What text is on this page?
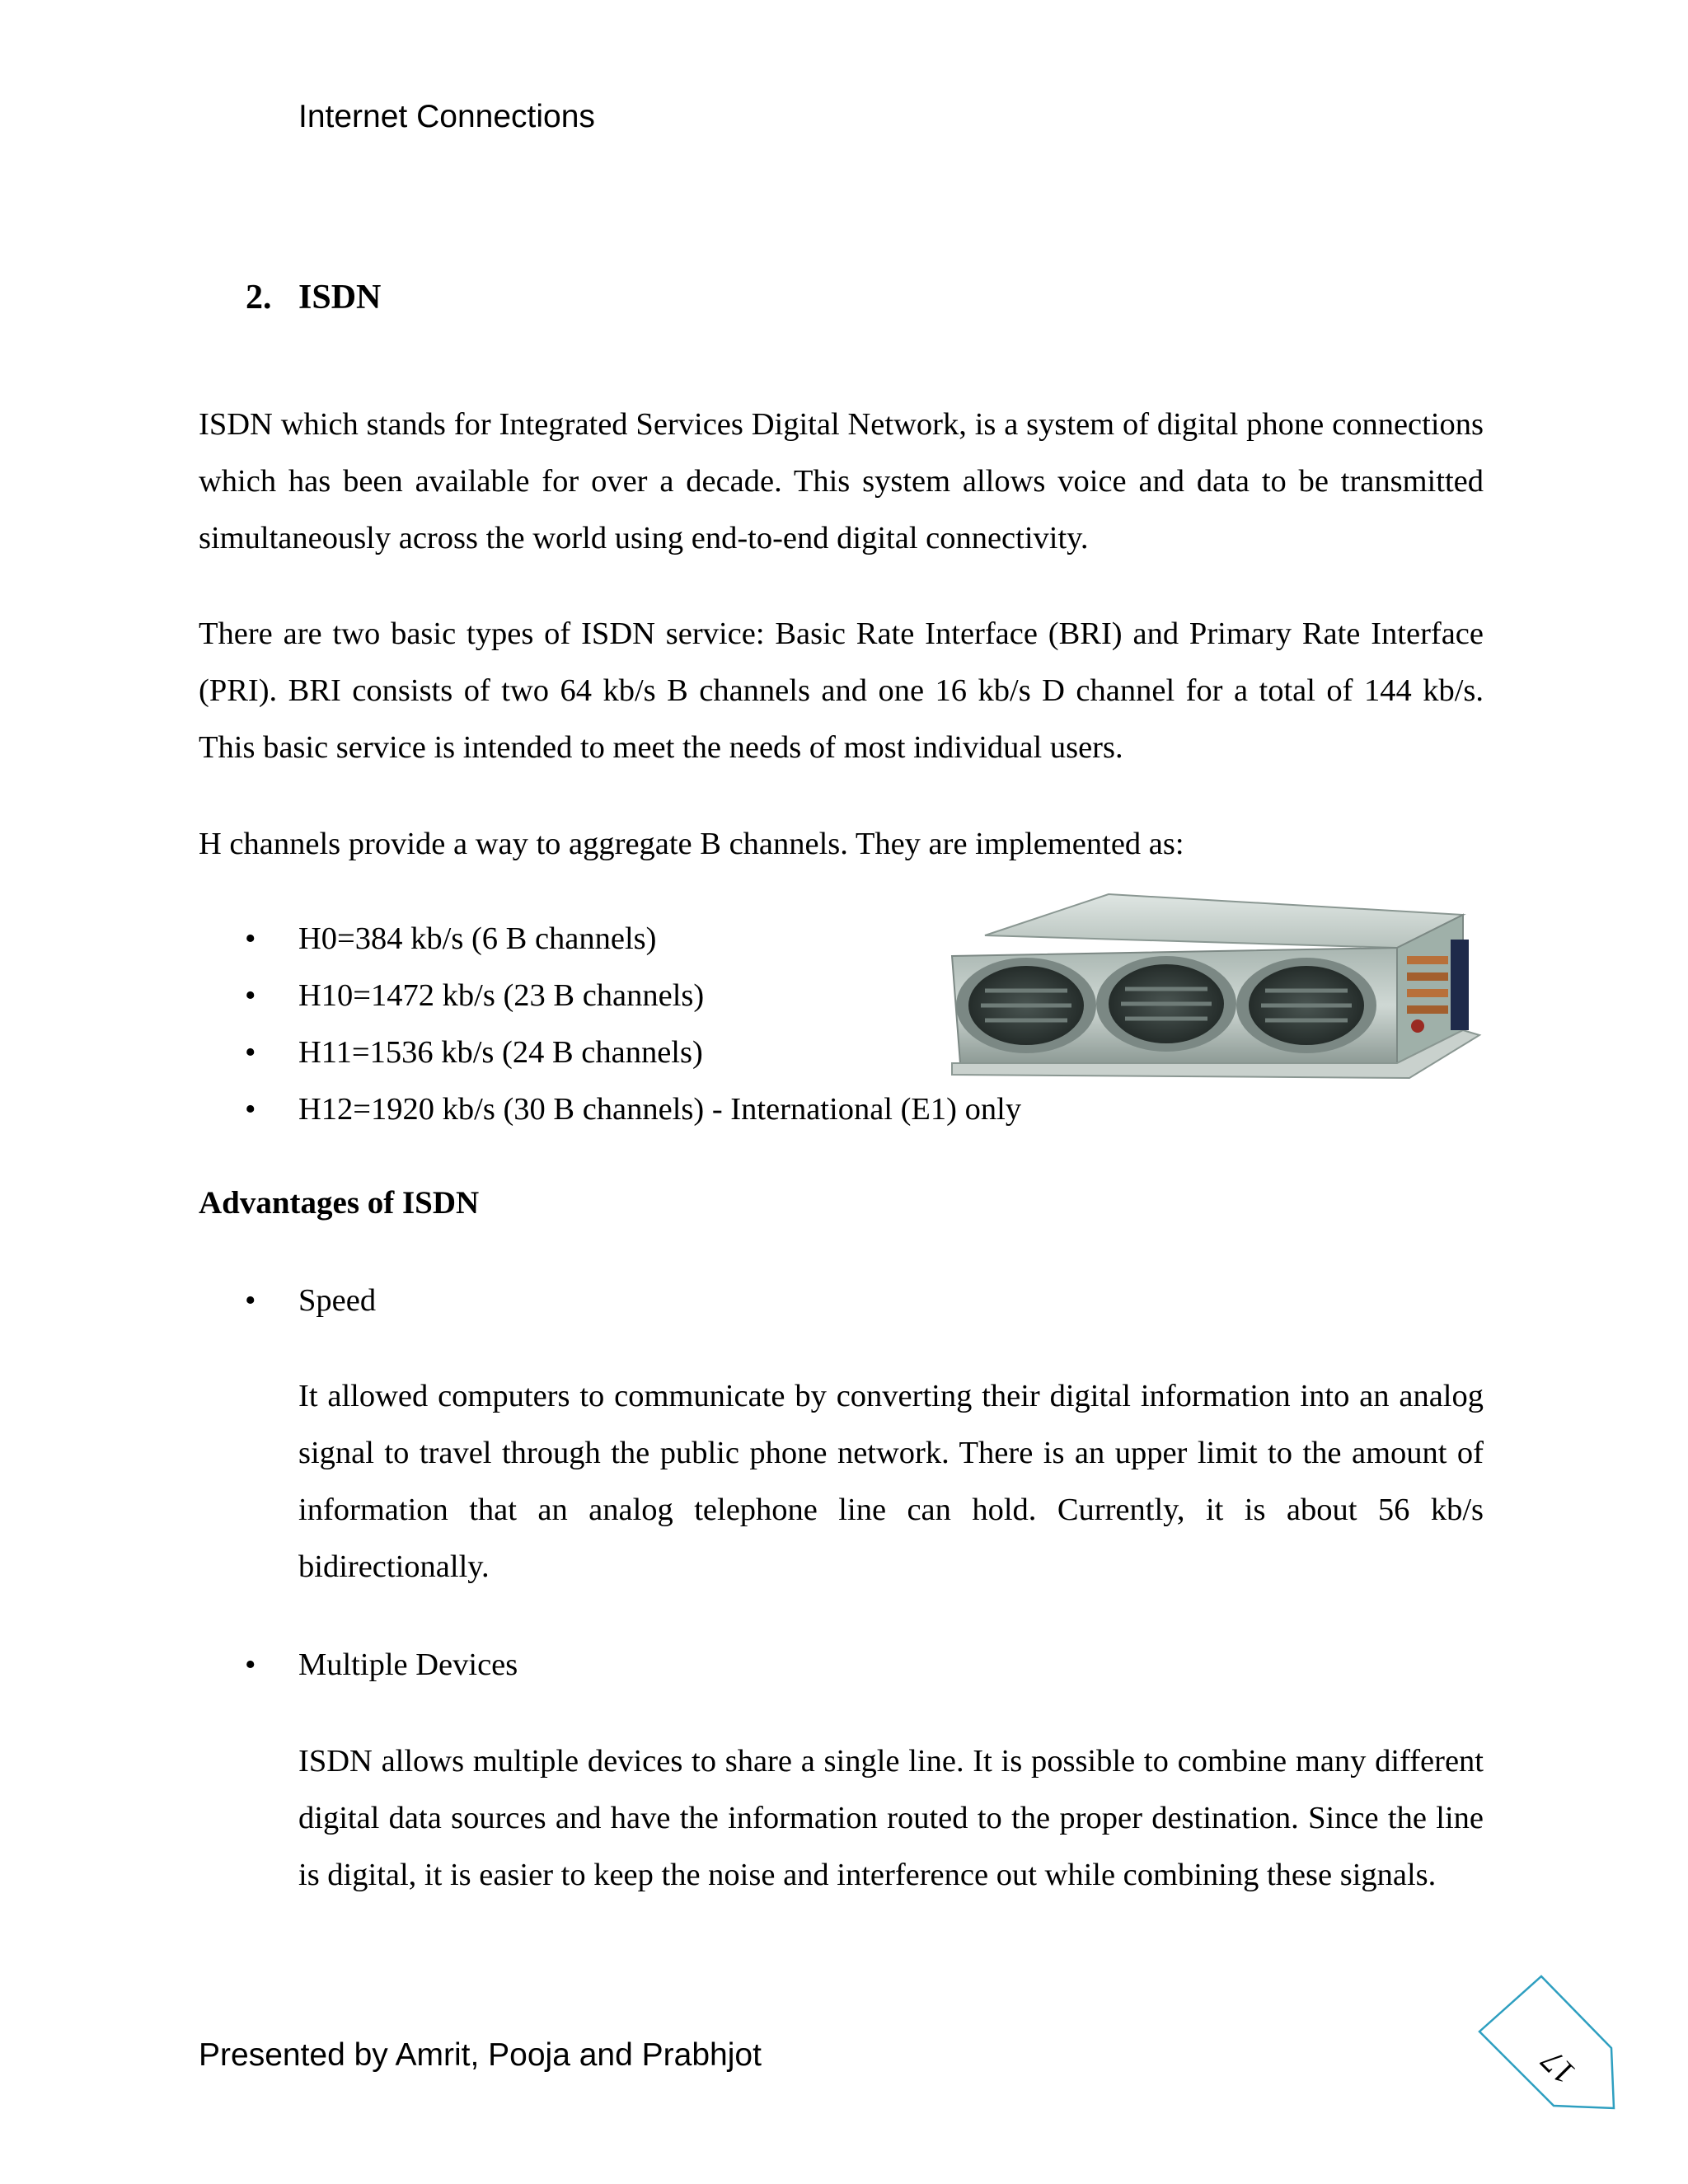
Internet Connections
2. ISDN

ISDN which stands for Integrated Services Digital Network, is a system of digital phone connections which has been available for over a decade. This system allows voice and data to be transmitted simultaneously across the world using end-to-end digital connectivity.

There are two basic types of ISDN service: Basic Rate Interface (BRI) and Primary Rate Interface (PRI). BRI consists of two 64 kb/s B channels and one 16 kb/s D channel for a total of 144 kb/s. This basic service is intended to meet the needs of most individual users.

H channels provide a way to aggregate B channels. They are implemented as:

• H0=384 kb/s (6 B channels)
• H10=1472 kb/s (23 B channels)
• H11=1536 kb/s (24 B channels)
• H12=1920 kb/s (30 B channels) - International (E1) only
Advantages of ISDN
• Speed

It allowed computers to communicate by converting their digital information into an analog signal to travel through the public phone network. There is an upper limit to the amount of information that an analog telephone line can hold. Currently, it is about 56 kb/s bidirectionally.

• Multiple Devices

ISDN allows multiple devices to share a single line. It is possible to combine many different digital data sources and have the information routed to the proper destination. Since the line is digital, it is easier to keep the noise and interference out while combining these signals.

Presented by Amrit, Pooja and Prabhjot	17
